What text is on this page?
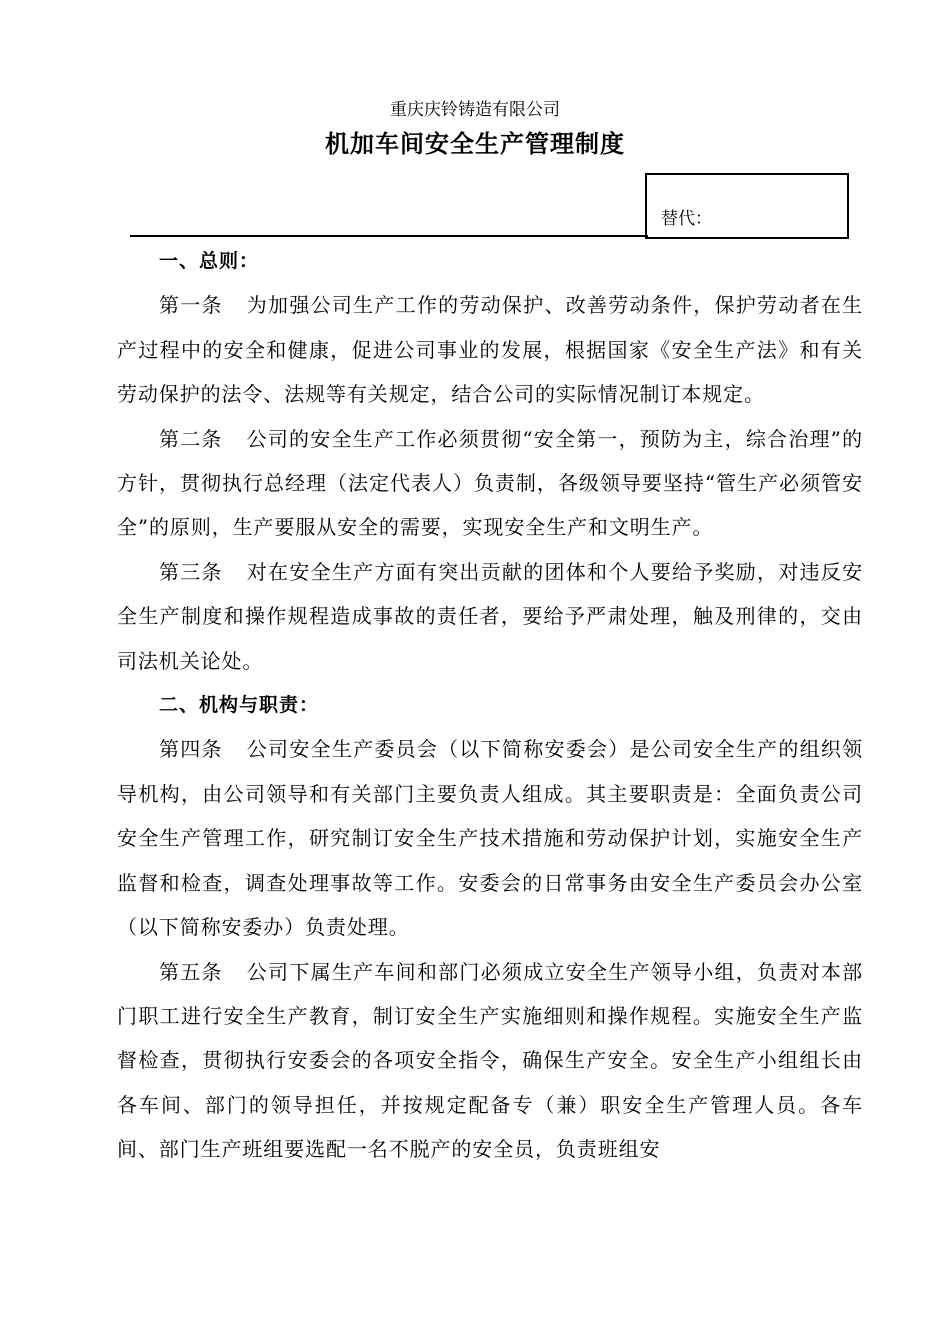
重庆庆铃铸造有限公司
机加车间安全生产管理制度
替代：

一、总则：

第一条 为加强公司生产工作的劳动保护、改善劳动条件，保护劳动者在生产过程中的安全和健康，促进公司事业的发展，根据国家《安全生产法》和有关劳动保护的法令、法规等有关规定，结合公司的实际情况制订本规定。

第二条 公司的安全生产工作必须贯彻“安全第一，预防为主，综合治理”的方针，贯彻执行总经理（法定代表人）负责制，各级领导要坚持“管生产必须管安全”的原则，生产要服从安全的需要，实现安全生产和文明生产。

第三条 对在安全生产方面有突出贡献的团体和个人要给予奖励，对违反安全生产制度和操作规程造成事故的责任者，要给予严肃处理，触及刑律的，交由司法机关论处。

二、机构与职责：

第四条 公司安全生产委员会（以下简称安委会）是公司安全生产的组织领导机构，由公司领导和有关部门主要负责人组成。其主要职责是：全面负责公司安全生产管理工作，研究制订安全生产技术措施和劳动保护计划，实施安全生产监督和检查，调查处理事故等工作。安委会的日常事务由安全生产委员会办公室（以下简称安委办）负责处理。

第五条 公司下属生产车间和部门必须成立安全生产领导小组，负责对本部门职工进行安全生产教育，制订安全生产实施细则和操作规程。实施安全生产监督检查，贯彻执行安委会的各项安全指令，确保生产安全。安全生产小组组长由各车间、部门的领导担任，并按规定配备专（兼）职安全生产管理人员。各车间、部门生产班组要选配一名不脱产的安全员，负责班组安
